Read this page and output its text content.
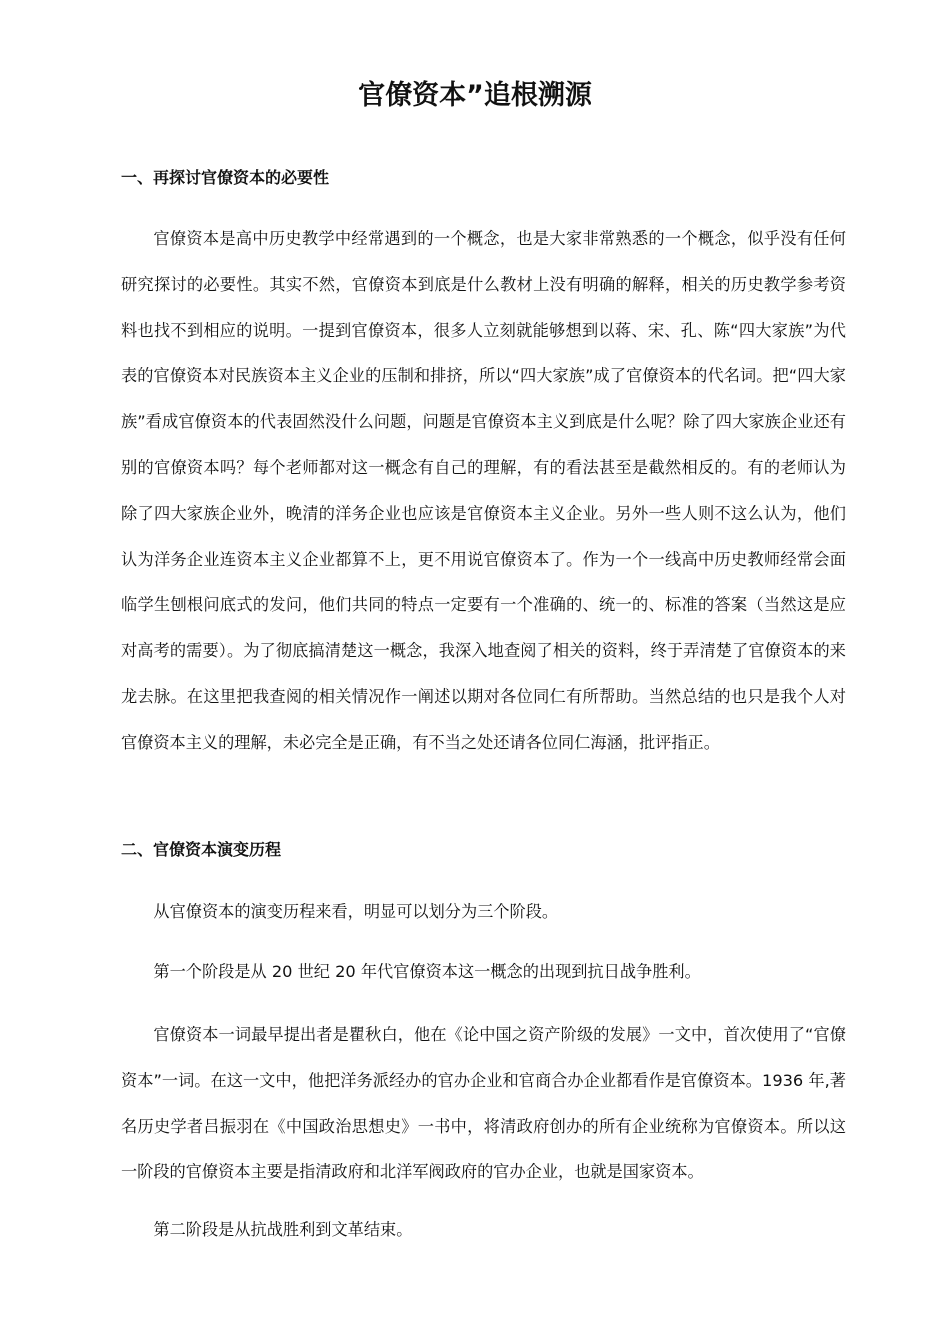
官僚资本”追根溯源
一、再探讨官僚资本的必要性

官僚资本是高中历史教学中经常遇到的一个概念，也是大家非常熟悉的一个概念，似乎没有任何研究探讨的必要性。其实不然，官僚资本到底是什么教材上没有明确的解释，相关的历史教学参考资料也找不到相应的说明。一提到官僚资本，很多人立刻就能够想到以蒋、宋、孔、陈“四大家族”为代表的官僚资本对民族资本主义企业的压制和排挤，所以“四大家族”成了官僚资本的代名词。把“四大家族”看成官僚资本的代表固然没什么问题，问题是官僚资本主义到底是什么呢？除了四大家族企业还有别的官僚资本吗？每个老师都对这一概念有自己的理解，有的看法甚至是截然相反的。有的老师认为除了四大家族企业外，晚清的洋务企业也应该是官僚资本主义企业。另外一些人则不这么认为，他们认为洋务企业连资本主义企业都算不上，更不用说官僚资本了。作为一个一线高中历史教师经常会面临学生刨根问底式的发问，他们共同的特点一定要有一个准确的、统一的、标准的答案（当然这是应对高考的需要）。为了彻底搞清楚这一概念，我深入地查阅了相关的资料，终于弄清楚了官僚资本的来龙去脉。在这里把我查阅的相关情况作一阐述以期对各位同仁有所帮助。当然总结的也只是我个人对官僚资本主义的理解，未必完全是正确，有不当之处还请各位同仁海涵，批评指正。

二、官僚资本演变历程

从官僚资本的演变历程来看，明显可以划分为三个阶段。

第一个阶段是从 20 世纪 20 年代官僚资本这一概念的出现到抗日战争胜利。

官僚资本一词最早提出者是瞿秋白，他在《论中国之资产阶级的发展》一文中，首次使用了“官僚资本”一词。在这一文中，他把洋务派经办的官办企业和官商合办企业都看作是官僚资本。1936 年,著名历史学者吕振羽在《中国政治思想史》一书中，将清政府创办的所有企业统称为官僚资本。所以这一阶段的官僚资本主要是指清政府和北洋军阀政府的官办企业，也就是国家资本。

第二阶段是从抗战胜利到文革结束。
